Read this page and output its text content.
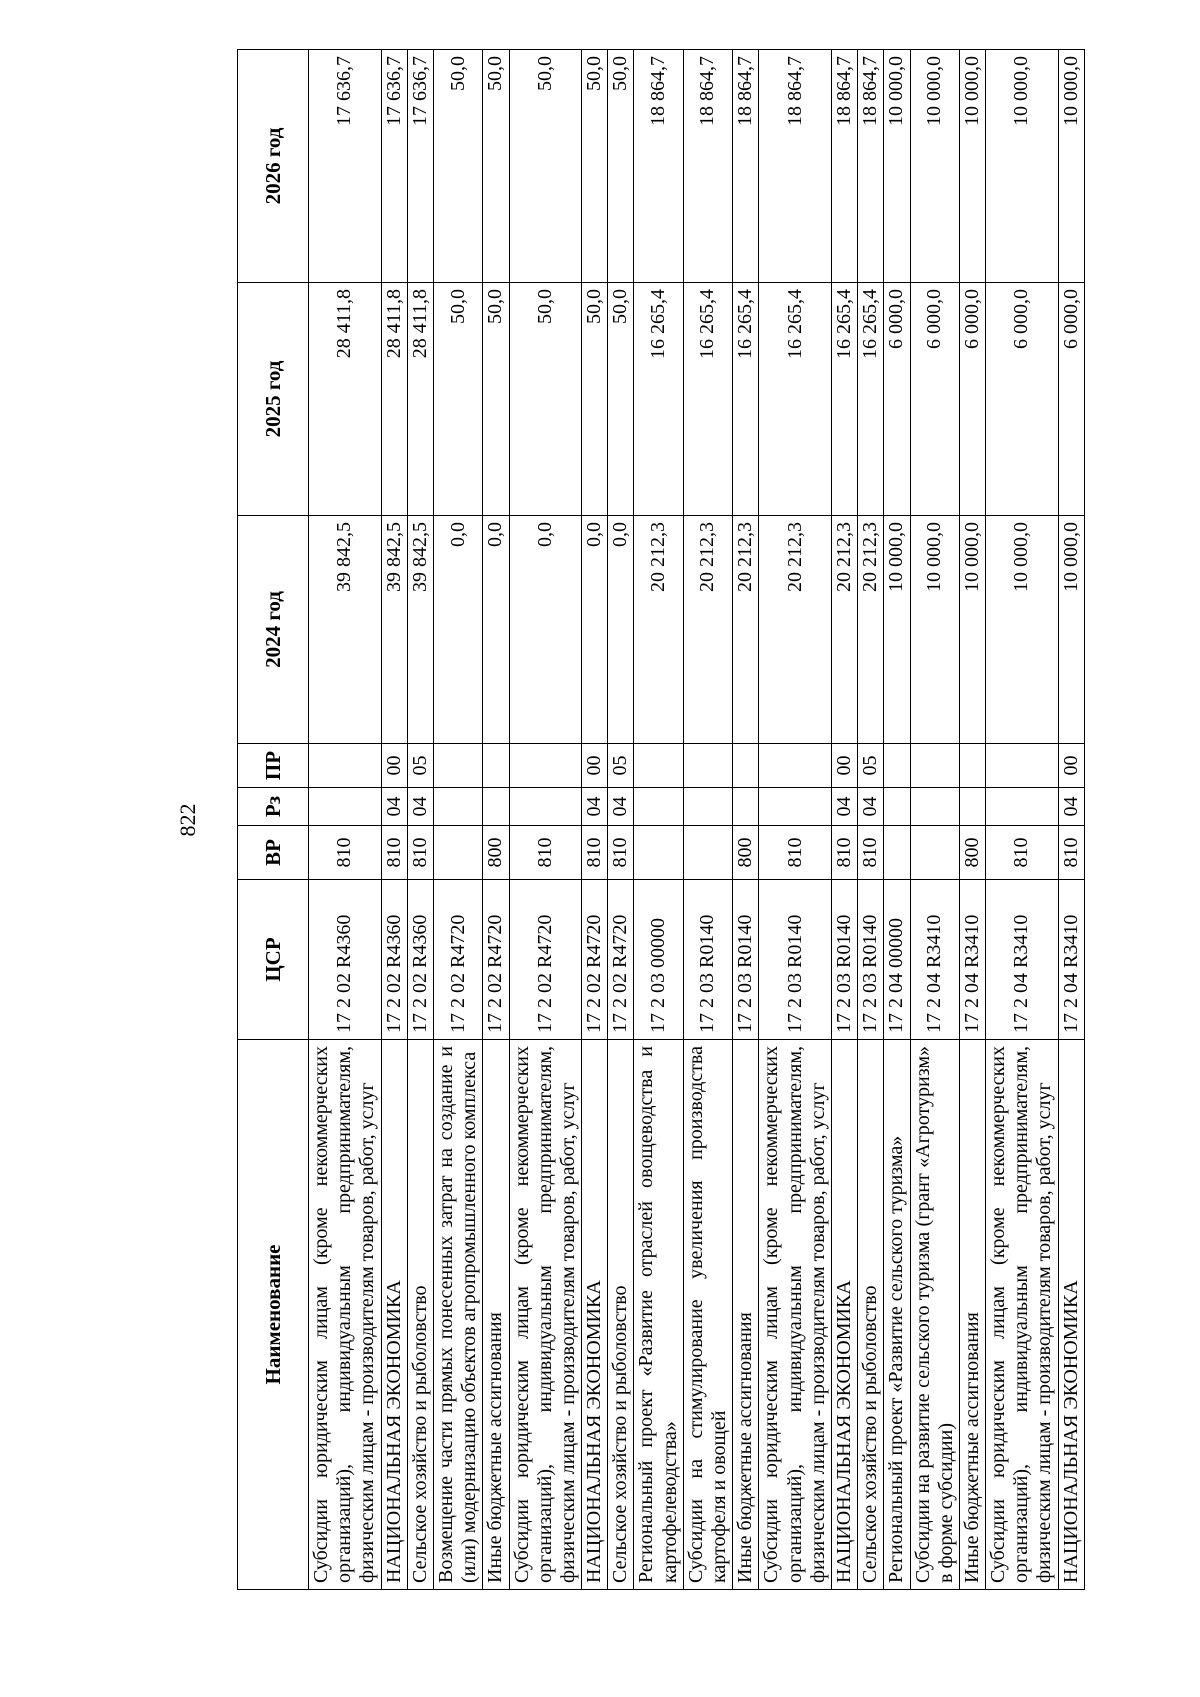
822
Наименование	ЦСР	ВР	Рз	ПР	2024 год	2025 год	2026 год
Субсидии юридическим лицам (кроме некоммерческих организаций), индивидуальным предпринимателям, физическим лицам - производителям товаров, работ, услуг	17 2 02 R4360	810			39 842,5	28 411,8	17 636,7
НАЦИОНАЛЬНАЯ ЭКОНОМИКА	17 2 02 R4360	810	04	00	39 842,5	28 411,8	17 636,7
Сельское хозяйство и рыболовство	17 2 02 R4360	810	04	05	39 842,5	28 411,8	17 636,7
Возмещение части прямых понесенных затрат на создание и (или) модернизацию объектов агропромышленного комплекса	17 2 02 R4720				0,0	50,0	50,0
Иные бюджетные ассигнования	17 2 02 R4720	800			0,0	50,0	50,0
Субсидии юридическим лицам (кроме некоммерческих организаций), индивидуальным предпринимателям, физическим лицам - производителям товаров, работ, услуг	17 2 02 R4720	810			0,0	50,0	50,0
НАЦИОНАЛЬНАЯ ЭКОНОМИКА	17 2 02 R4720	810	04	00	0,0	50,0	50,0
Сельское хозяйство и рыболовство	17 2 02 R4720	810	04	05	0,0	50,0	50,0
Региональный проект «Развитие отраслей овощеводства и картофелеводства»	17 2 03 00000				20 212,3	16 265,4	18 864,7
Субсидии на стимулирование увеличения производства картофеля и овощей	17 2 03 R0140				20 212,3	16 265,4	18 864,7
Иные бюджетные ассигнования	17 2 03 R0140	800			20 212,3	16 265,4	18 864,7
Субсидии юридическим лицам (кроме некоммерческих организаций), индивидуальным предпринимателям, физическим лицам - производителям товаров, работ, услуг	17 2 03 R0140	810			20 212,3	16 265,4	18 864,7
НАЦИОНАЛЬНАЯ ЭКОНОМИКА	17 2 03 R0140	810	04	00	20 212,3	16 265,4	18 864,7
Сельское хозяйство и рыболовство	17 2 03 R0140	810	04	05	20 212,3	16 265,4	18 864,7
Региональный проект «Развитие сельского туризма»	17 2 04 00000				10 000,0	6 000,0	10 000,0
Субсидии на развитие сельского туризма (грант «Агротуризм» в форме субсидии)	17 2 04 R3410				10 000,0	6 000,0	10 000,0
Иные бюджетные ассигнования	17 2 04 R3410	800			10 000,0	6 000,0	10 000,0
Субсидии юридическим лицам (кроме некоммерческих организаций), индивидуальным предпринимателям, физическим лицам - производителям товаров, работ, услуг	17 2 04 R3410	810			10 000,0	6 000,0	10 000,0
НАЦИОНАЛЬНАЯ ЭКОНОМИКА	17 2 04 R3410	810	04	00	10 000,0	6 000,0	10 000,0
